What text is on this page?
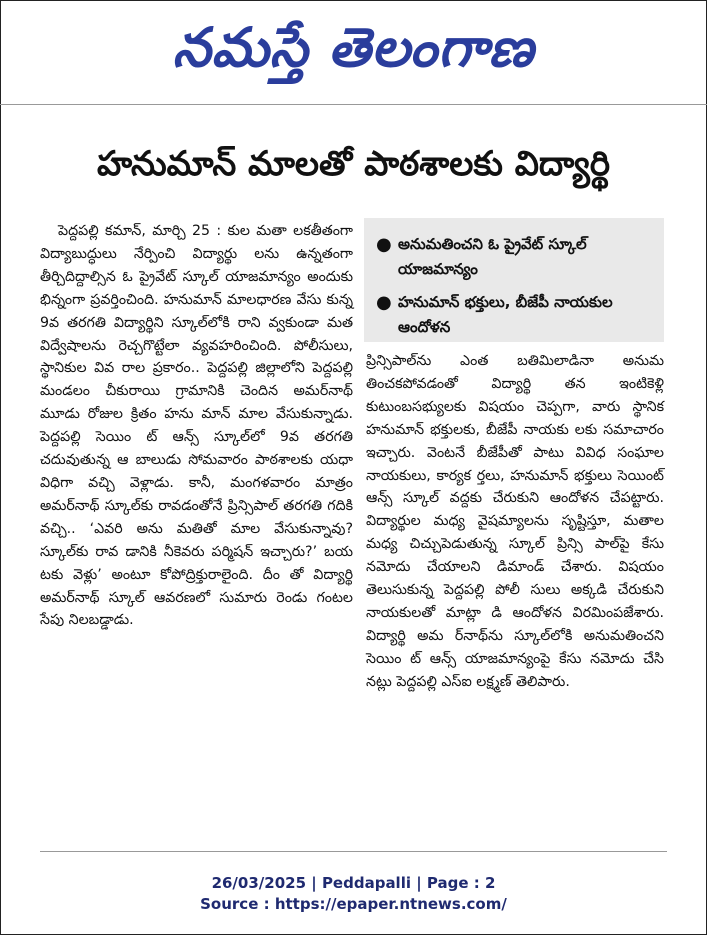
నమస్తే తెలంగాణ
హనుమాన్ మాలతో పాఠశాలకు విద్యార్థి

పెద్దపల్లి కమాన్, మార్చి 25 : కుల మతా లకతీతంగా విద్యాబుద్ధులు నేర్పించి విద్యార్థు లను ఉన్నతంగా తీర్చిదిద్దాల్సిన ఓ ప్రైవేట్ స్కూల్ యాజమాన్యం అందుకు భిన్నంగా ప్రవర్తించింది. హనుమాన్ మాలధారణ వేసు కున్న 9వ తరగతి విద్యార్థిని స్కూల్‌లోకి రాని వ్వకుండా మత విద్వేషాలను రెచ్చగొట్టేలా వ్యవహరించింది. పోలీసులు, స్థానికుల వివ రాల ప్రకారం.. పెద్దపల్లి జిల్లాలోని పెద్దపల్లి మండలం చీకురాయి గ్రామానికి చెందిన అమర్‌నాథ్ మూడు రోజుల క్రితం హను మాన్ మాల వేసుకున్నాడు. పెద్దపల్లి సెయిం ట్ ఆన్స్ స్కూల్‌లో 9వ తరగతి చదువుతున్న ఆ బాలుడు సోమవారం పాఠశాలకు యధా విధిగా వచ్చి వెళ్లాడు. కానీ, మంగళవారం మాత్రం అమర్‌నాథ్ స్కూల్‌కు రావడంతోనే ప్రిన్సిపాల్ తరగతి గదికి వచ్చి.. ‘ఎవరి అను మతితో మాల వేసుకున్నావు? స్కూల్‌కు రావ డానికి నీకెవరు పర్మిషన్ ఇచ్చారు?’ బయ టకు వెళ్లు’ అంటూ కోపోద్రిక్తురాలైంది. దీం తో విద్యార్థి అమర్‌నాథ్ స్కూల్ ఆవరణలో సుమారు రెండు గంటల సేపు నిలబడ్డాడు.

● అనుమతించని ఓ ప్రైవేట్ స్కూల్ యాజమాన్యం
● హనుమాన్ భక్తులు, బీజేపీ నాయకుల ఆందోళన

ప్రిన్సిపాల్‌ను ఎంత బతిమిలాడినా అనుమ తించకపోవడంతో విద్యార్థి తన ఇంటికెళ్లి కుటుంబసభ్యులకు విషయం చెప్పగా, వారు స్థానిక హనుమాన్ భక్తులకు, బీజేపీ నాయకు లకు సమాచారం ఇచ్చారు. వెంటనే బీజేపీతో పాటు వివిధ సంఘాల నాయకులు, కార్యక ర్తలు, హనుమాన్ భక్తులు సెయింట్ ఆన్స్ స్కూల్ వద్దకు చేరుకుని ఆందోళన చేపట్టారు. విద్యార్థుల మధ్య వైషమ్యాలను సృష్టిస్తూ, మతాల మధ్య చిచ్చుపెడుతున్న స్కూల్ ప్రిన్సి పాల్‌పై కేసు నమోదు చేయాలని డిమాండ్ చేశారు. విషయం తెలుసుకున్న పెద్దపల్లి పోలీ సులు అక్కడి చేరుకుని నాయకులతో మాట్లా డి ఆందోళన విరమింపజేశారు. విద్యార్థి అమ ర్‌నాథ్‌ను స్కూల్‌లోకి అనుమతించని సెయిం ట్ ఆన్స్ యాజమాన్యంపై కేసు నమోదు చేసి నట్లు పెద్దపల్లి ఎస్ఐ లక్ష్మణ్ తెలిపారు.

26/03/2025 | Peddapalli | Page : 2
Source : https://epaper.ntnews.com/
